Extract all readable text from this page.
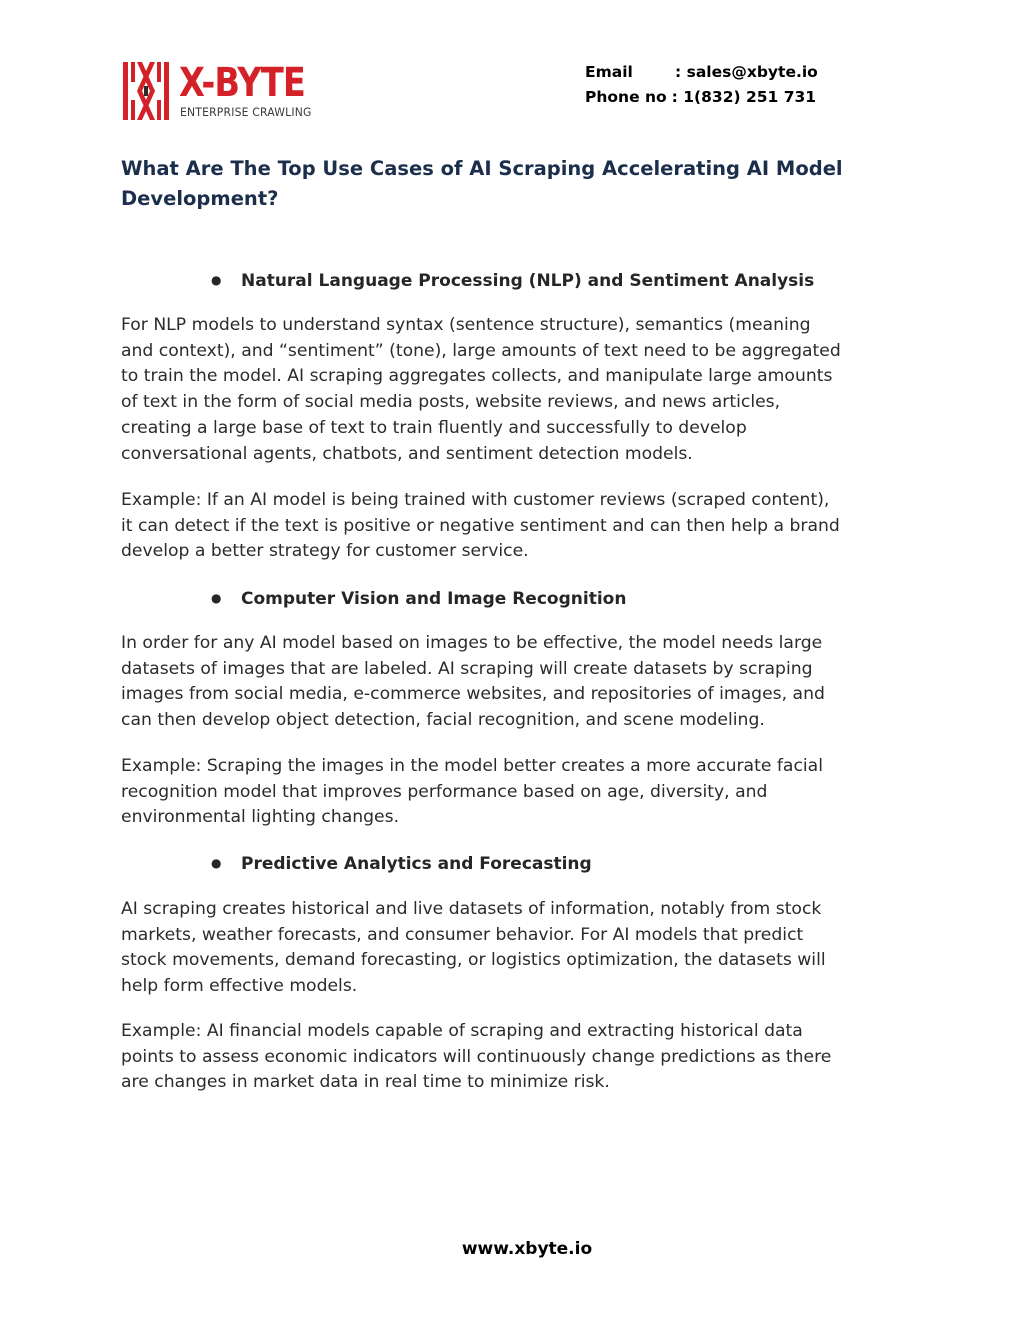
X-BYTE
ENTERPRISE CRAWLING
Email	: sales@xbyte.io
Phone no : 1(832) 251 731
What Are The Top Use Cases of AI Scraping Accelerating AI Model Development?
● Natural Language Processing (NLP) and Sentiment Analysis

For NLP models to understand syntax (sentence structure), semantics (meaning
and context), and “sentiment” (tone), large amounts of text need to be aggregated
to train the model. AI scraping aggregates collects, and manipulate large amounts
of text in the form of social media posts, website reviews, and news articles,
creating a large base of text to train fluently and successfully to develop
conversational agents, chatbots, and sentiment detection models.

Example: If an AI model is being trained with customer reviews (scraped content),
it can detect if the text is positive or negative sentiment and can then help a brand
develop a better strategy for customer service.

● Computer Vision and Image Recognition

In order for any AI model based on images to be effective, the model needs large
datasets of images that are labeled. AI scraping will create datasets by scraping
images from social media, e-commerce websites, and repositories of images, and
can then develop object detection, facial recognition, and scene modeling.

Example: Scraping the images in the model better creates a more accurate facial
recognition model that improves performance based on age, diversity, and
environmental lighting changes.

● Predictive Analytics and Forecasting

AI scraping creates historical and live datasets of information, notably from stock
markets, weather forecasts, and consumer behavior. For AI models that predict
stock movements, demand forecasting, or logistics optimization, the datasets will
help form effective models.

Example: AI financial models capable of scraping and extracting historical data
points to assess economic indicators will continuously change predictions as there
are changes in market data in real time to minimize risk.

www.xbyte.io
